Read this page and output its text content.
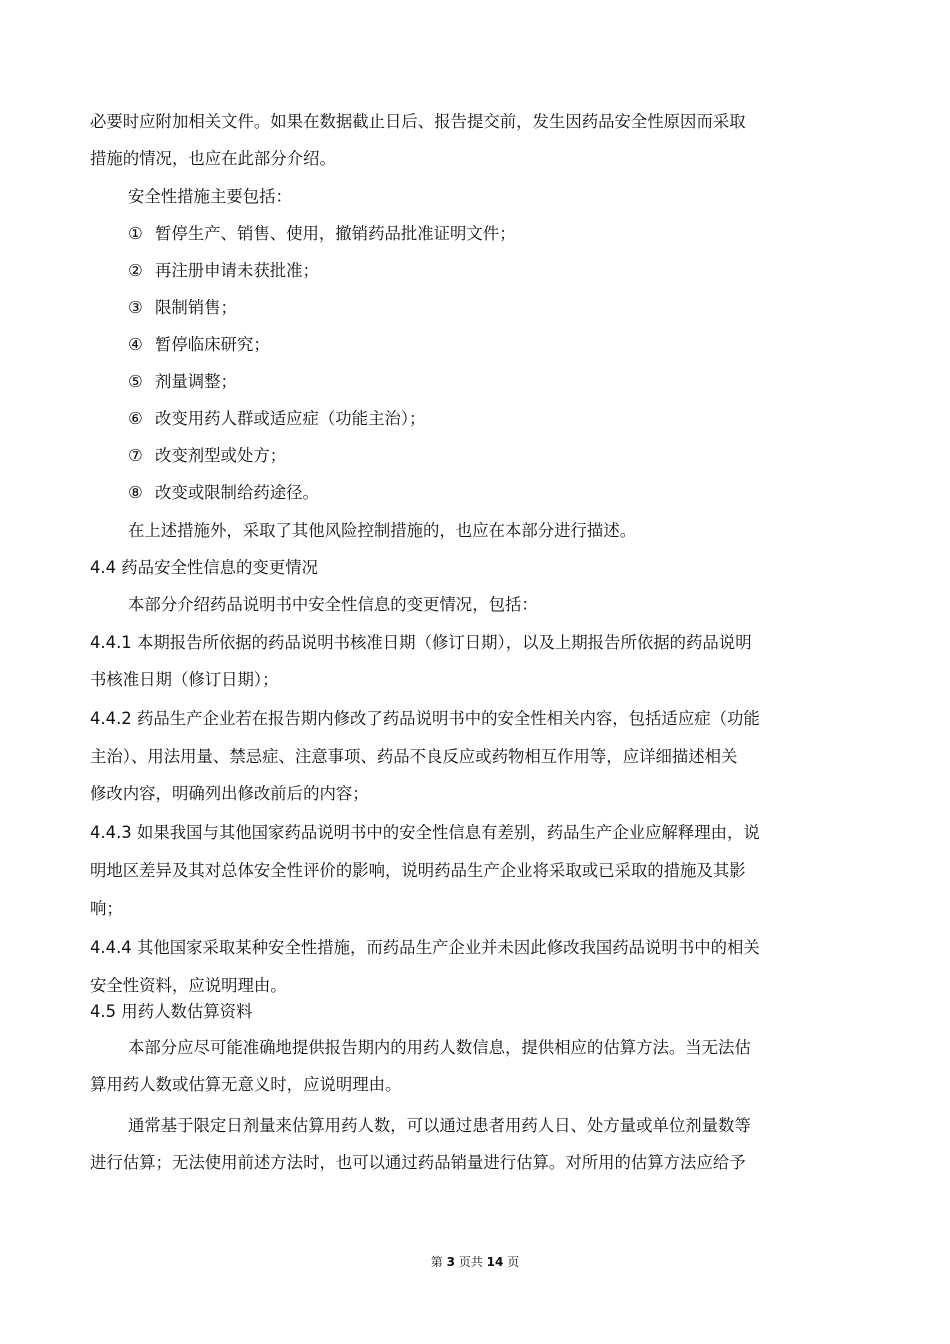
必要时应附加相关文件。如果在数据截止日后、报告提交前，发生因药品安全性原因而采取
措施的情况，也应在此部分介绍。
安全性措施主要包括：
① 暂停生产、销售、使用，撤销药品批准证明文件；
② 再注册申请未获批准；
③ 限制销售；
④ 暂停临床研究；
⑤ 剂量调整；
⑥ 改变用药人群或适应症（功能主治）；
⑦ 改变剂型或处方；
⑧ 改变或限制给药途径。
在上述措施外，采取了其他风险控制措施的，也应在本部分进行描述。
4.4 药品安全性信息的变更情况
本部分介绍药品说明书中安全性信息的变更情况，包括：
4.4.1 本期报告所依据的药品说明书核准日期（修订日期），以及上期报告所依据的药品说明
书核准日期（修订日期）；
4.4.2 药品生产企业若在报告期内修改了药品说明书中的安全性相关内容，包括适应症（功能
主治）、用法用量、禁忌症、注意事项、药品不良反应或药物相互作用等，应详细描述相关
修改内容，明确列出修改前后的内容；
4.4.3 如果我国与其他国家药品说明书中的安全性信息有差别，药品生产企业应解释理由，说
明地区差异及其对总体安全性评价的影响，说明药品生产企业将采取或已采取的措施及其影
响；
4.4.4 其他国家采取某种安全性措施，而药品生产企业并未因此修改我国药品说明书中的相关
安全性资料，应说明理由。
4.5 用药人数估算资料
本部分应尽可能准确地提供报告期内的用药人数信息，提供相应的估算方法。当无法估
算用药人数或估算无意义时，应说明理由。
通常基于限定日剂量来估算用药人数，可以通过患者用药人日、处方量或单位剂量数等
进行估算；无法使用前述方法时，也可以通过药品销量进行估算。对所用的估算方法应给予
第 3 页共 14 页
